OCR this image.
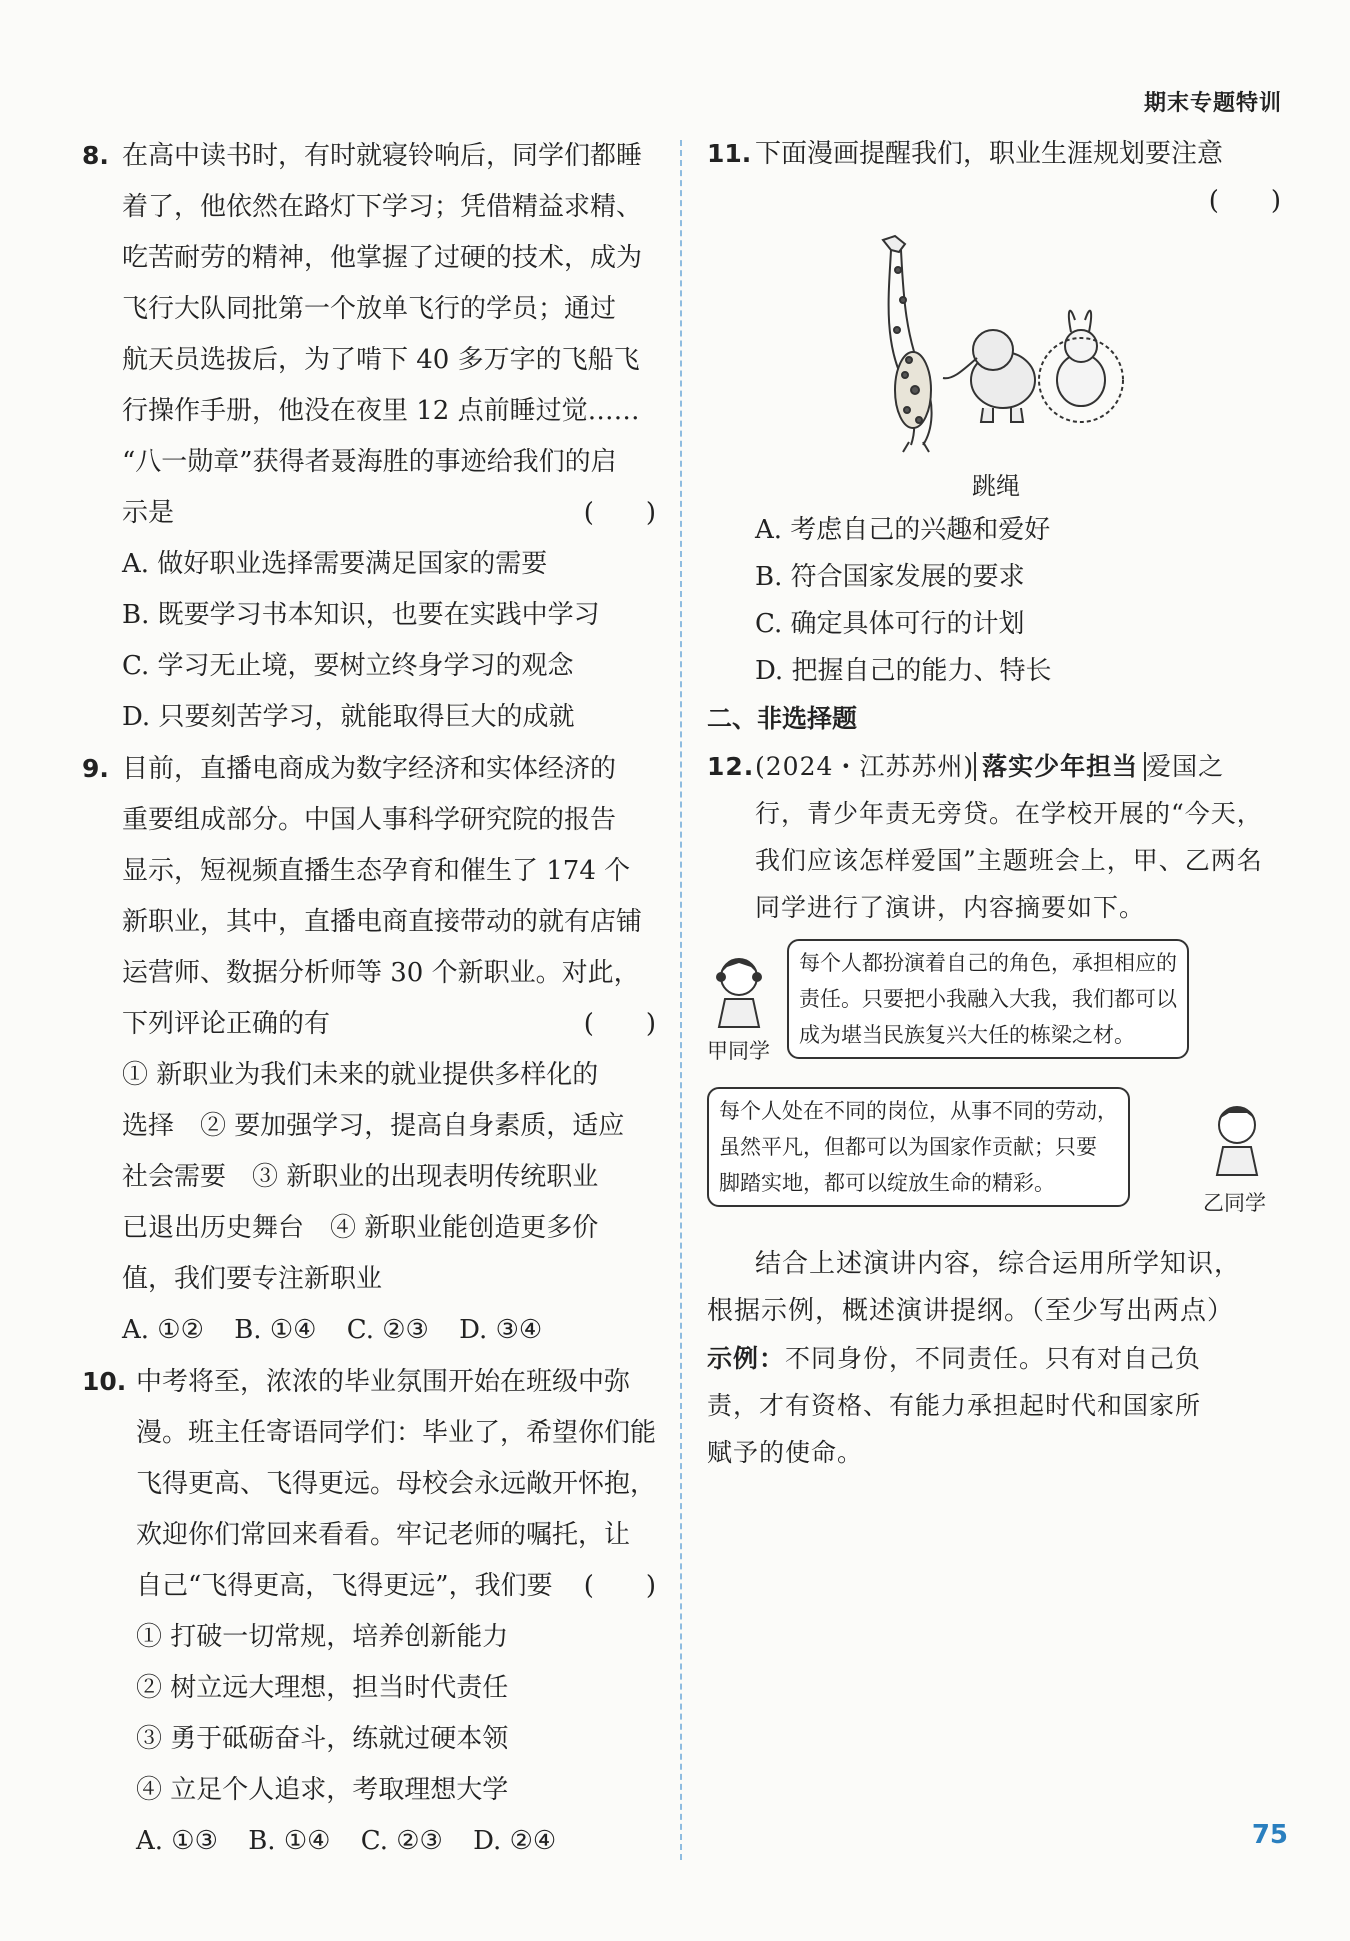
期末专题特训
8. 在高中读书时，有时就寝铃响后，同学们都睡
着了，他依然在路灯下学习；凭借精益求精、
吃苦耐劳的精神，他掌握了过硬的技术，成为
飞行大队同批第一个放单飞行的学员；通过
航天员选拔后，为了啃下 40 多万字的飞船飞
行操作手册，他没在夜里 12 点前睡过觉……
“八一勋章”获得者聂海胜的事迹给我们的启
示是	(　　)
A. 做好职业选择需要满足国家的需要
B. 既要学习书本知识，也要在实践中学习
C. 学习无止境，要树立终身学习的观念
D. 只要刻苦学习，就能取得巨大的成就
9. 目前，直播电商成为数字经济和实体经济的
重要组成部分。中国人事科学研究院的报告
显示，短视频直播生态孕育和催生了 174 个
新职业，其中，直播电商直接带动的就有店铺
运营师、数据分析师等 30 个新职业。对此，
下列评论正确的有	(　　)
① 新职业为我们未来的就业提供多样化的
选择　② 要加强学习，提高自身素质，适应
社会需要　③ 新职业的出现表明传统职业
已退出历史舞台　④ 新职业能创造更多价
值，我们要专注新职业
A. ①② B. ①④ C. ②③ D. ③④
10. 中考将至，浓浓的毕业氛围开始在班级中弥
漫。班主任寄语同学们：毕业了，希望你们能
飞得更高、飞得更远。母校会永远敞开怀抱，
欢迎你们常回来看看。牢记老师的嘱托，让
自己“飞得更高，飞得更远”，我们要 (　　)
① 打破一切常规，培养创新能力
② 树立远大理想，担当时代责任
③ 勇于砥砺奋斗，练就过硬本领
④ 立足个人追求，考取理想大学
A. ①③ B. ①④ C. ②③ D. ②④
11. 下面漫画提醒我们，职业生涯规划要注意
(　　)
跳绳
A. 考虑自己的兴趣和爱好
B. 符合国家发展的要求
C. 确定具体可行的计划
D. 把握自己的能力、特长
二、非选择题
12.(2024・江苏苏州) 落实少年担当 爱国之
行，青少年责无旁贷。在学校开展的“今天，
我们应该怎样爱国”主题班会上，甲、乙两名
同学进行了演讲，内容摘要如下。
甲同学
每个人都扮演着自己的角色，承担相应的
责任。只要把小我融入大我，我们都可以
成为堪当民族复兴大任的栋梁之材。
每个人处在不同的岗位，从事不同的劳动，
虽然平凡，但都可以为国家作贡献；只要
脚踏实地，都可以绽放生命的精彩。
乙同学
结合上述演讲内容，综合运用所学知识，
根据示例，概述演讲提纲。（至少写出两点）
示例：不同身份，不同责任。只有对自己负
责，才有资格、有能力承担起时代和国家所
赋予的使命。
75
